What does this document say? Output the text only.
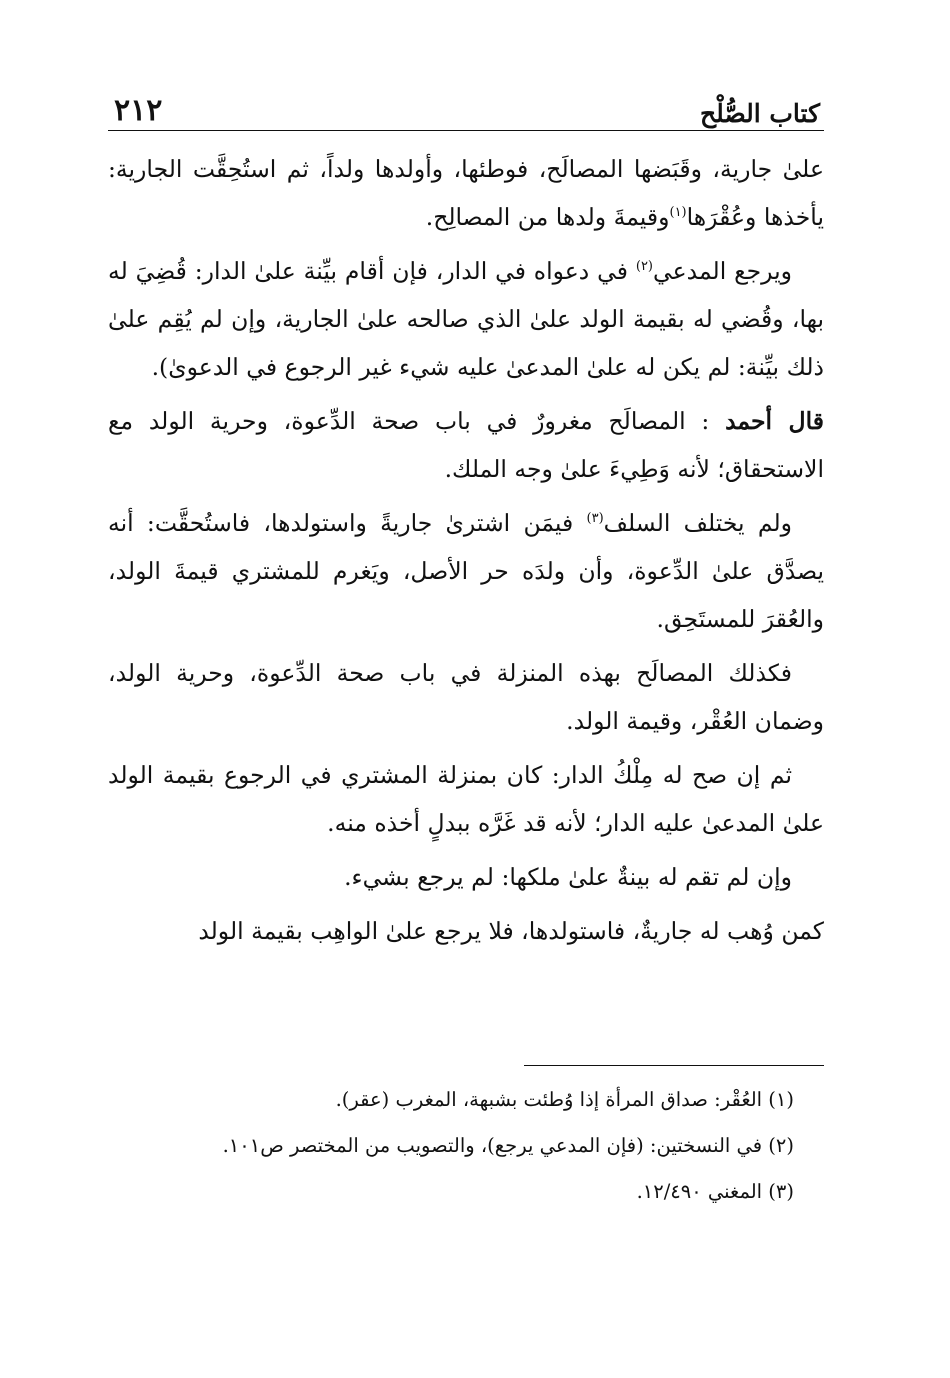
كتاب الصُّلْح
٢١٢

علىٰ جارية، وقَبَضها المصالَح، فوطئها، وأولدها ولداً، ثم استُحِقَّت الجارية: يأخذها وعُقْرَها$^{(١)}$وقيمةَ ولدها من المصالِح.

ويرجع المدعي$^{(٢)}$ في دعواه في الدار، فإن أقام بيِّنة علىٰ الدار: قُضِيَ له بها، وقُضي له بقيمة الولد علىٰ الذي صالحه علىٰ الجارية، وإن لم يُقِم علىٰ ذلك بيِّنة: لم يكن له علىٰ المدعىٰ عليه شيء غير الرجوع في الدعوىٰ).

قال أحمد : المصالَح مغرورٌ في باب صحة الدِّعوة، وحرية الولد مع الاستحقاق؛ لأنه وَطِيءَ علىٰ وجه الملك.

ولم يختلف السلف$^{(٣)}$ فيمَن اشترىٰ جاريةً واستولدها، فاستُحقَّت: أنه يصدَّق علىٰ الدِّعوة، وأن ولدَه حر الأصل، ويَغرم للمشتري قيمةَ الولد، والعُقرَ للمستَحِق.

فكذلك المصالَح بهذه المنزلة في باب صحة الدِّعوة، وحرية الولد، وضمان العُقْر، وقيمة الولد.

ثم إن صح له مِلْكُ الدار: كان بمنزلة المشتري في الرجوع بقيمة الولد علىٰ المدعىٰ عليه الدار؛ لأنه قد غَرَّه ببدلٍ أخذه منه.

وإن لم تقم له بينةٌ علىٰ ملكها: لم يرجع بشيء.

كمن وُهب له جاريةٌ، فاستولدها، فلا يرجع علىٰ الواهِب بقيمة الولد

(١) العُقْر: صداق المرأة إذا وُطئت بشبهة، المغرب (عقر).

(٢) في النسختين: (فإن المدعي يرجع)، والتصويب من المختصر ص١٠١.

(٣) المغني ١٢/٤٩٠.
